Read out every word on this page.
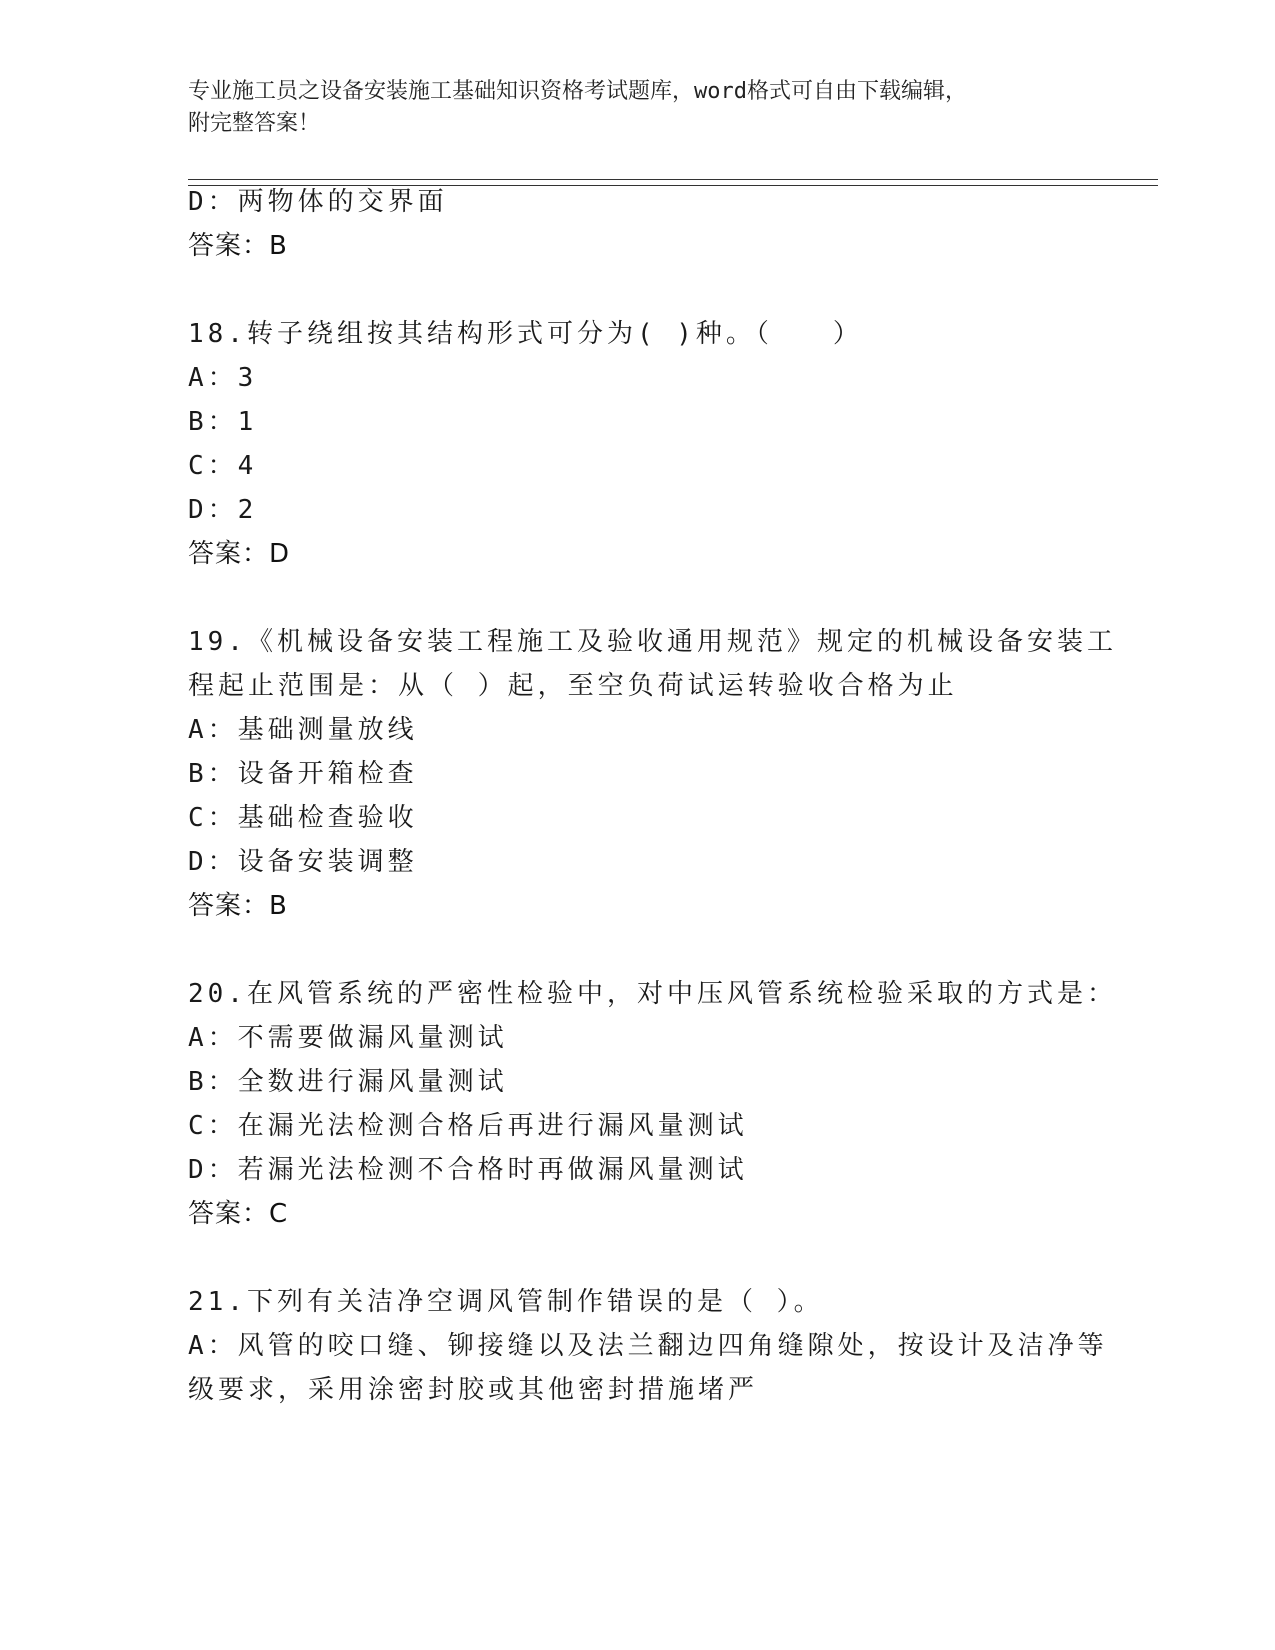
专业施工员之设备安装施工基础知识资格考试题库，word格式可自由下载编辑，
附完整答案！
D：两物体的交界面
答案：B
18.转子绕组按其结构形式可分为( )种。（　　）
A：3
B：1
C：4
D：2
答案：D
19.《机械设备安装工程施工及验收通用规范》规定的机械设备安装工
程起止范围是：从（ ）起，至空负荷试运转验收合格为止
A：基础测量放线
B：设备开箱检查
C：基础检查验收
D：设备安装调整
答案：B
20.在风管系统的严密性检验中，对中压风管系统检验采取的方式是：
A：不需要做漏风量测试
B：全数进行漏风量测试
C：在漏光法检测合格后再进行漏风量测试
D：若漏光法检测不合格时再做漏风量测试
答案：C
21.下列有关洁净空调风管制作错误的是（ ）。
A：风管的咬口缝、铆接缝以及法兰翻边四角缝隙处，按设计及洁净等
级要求，采用涂密封胶或其他密封措施堵严
